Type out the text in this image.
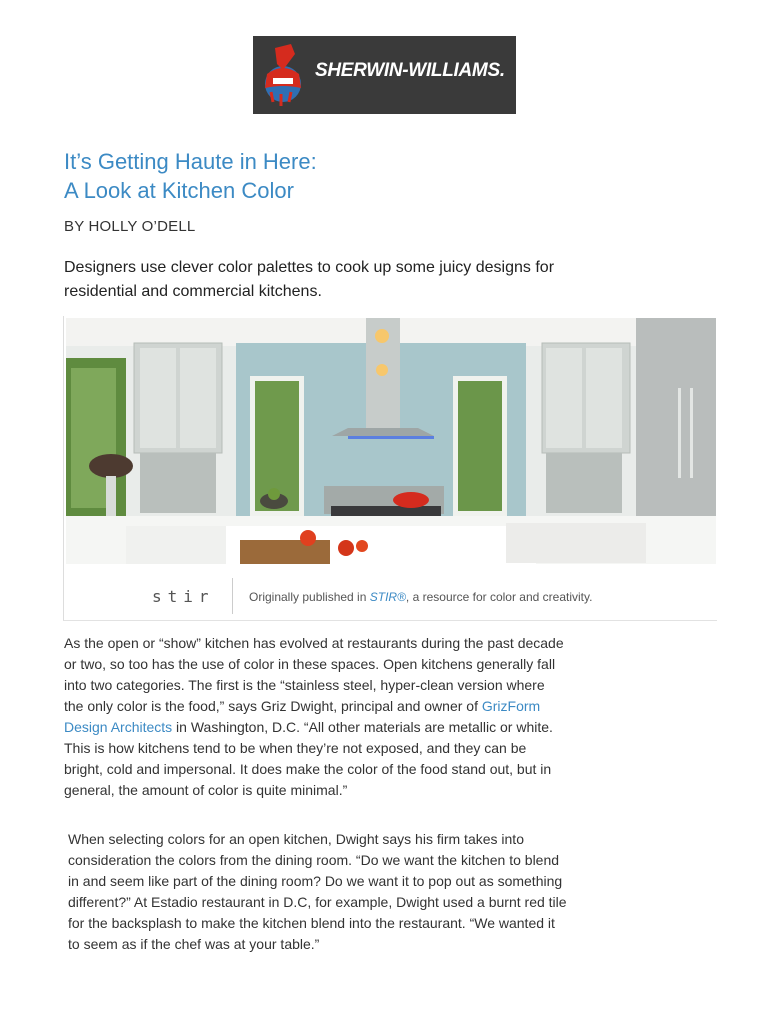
SHERWIN-WILLIAMS.
It’s Getting Haute in Here:
A Look at Kitchen Color

BY HOLLY O’DELL

Designers use clever color palettes to cook up some juicy designs for residential and commercial kitchens.

stir	Originally published in STIR®, a resource for color and creativity.

As the open or “show” kitchen has evolved at restaurants during the past decade or two, so too has the use of color in these spaces. Open kitchens generally fall into two categories. The first is the “stainless steel, hyper-clean version where the only color is the food,” says Griz Dwight, principal and owner of GrizForm Design Architects in Washington, D.C. “All other materials are metallic or white. This is how kitchens tend to be when they’re not exposed, and they can be bright, cold and impersonal. It does make the color of the food stand out, but in general, the amount of color is quite minimal.”

When selecting colors for an open kitchen, Dwight says his firm takes into consideration the colors from the dining room. “Do we want the kitchen to blend in and seem like part of the dining room? Do we want it to pop out as something different?” At Estadio restaurant in D.C, for example, Dwight used a burnt red tile for the backsplash to make the kitchen blend into the restaurant. “We wanted it to seem as if the chef was at your table.”
